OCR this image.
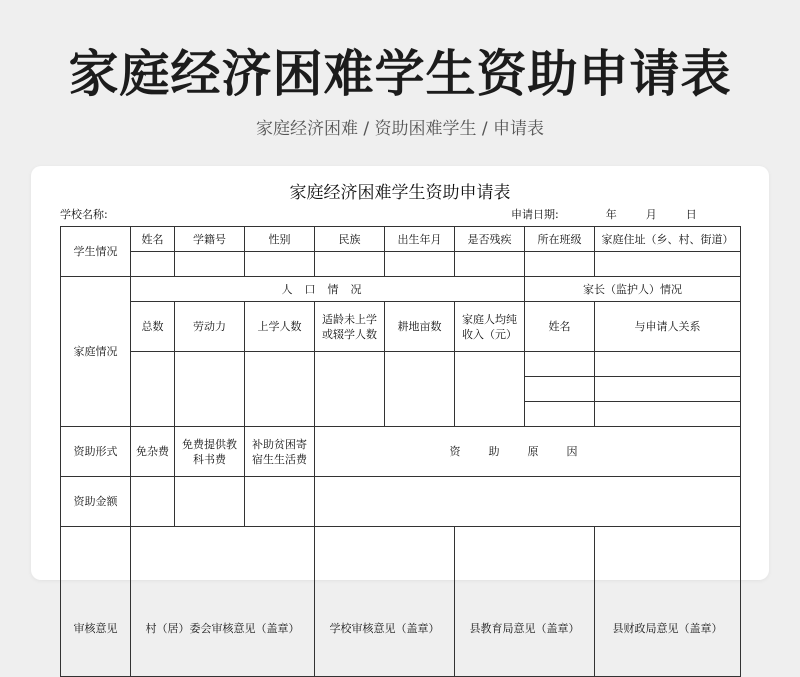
家庭经济困难学生资助申请表
家庭经济困难 / 资助困难学生 / 申请表
家庭经济困难学生资助申请表
学校名称:	申请日期:	年	月	日
学生情况	姓名	学籍号	性别	民族	出生年月	是否残疾	所在班级	家庭住址（乡、村、街道）

家庭情况	人口情况						家长（监护人）情况	
	总数	劳动力	上学人数	适龄未上学或辍学人数	耕地亩数	家庭人均纯收入（元）	姓名	与申请人关系

资助形式	免杂费	免费提供教科书费	补助贫困寄宿生生活费	资助原因				
资助金额								
审核意见	村（居）委会审核意见（盖章）			学校审核意见（盖章）		县教育局意见（盖章）		县财政局意见（盖章）
